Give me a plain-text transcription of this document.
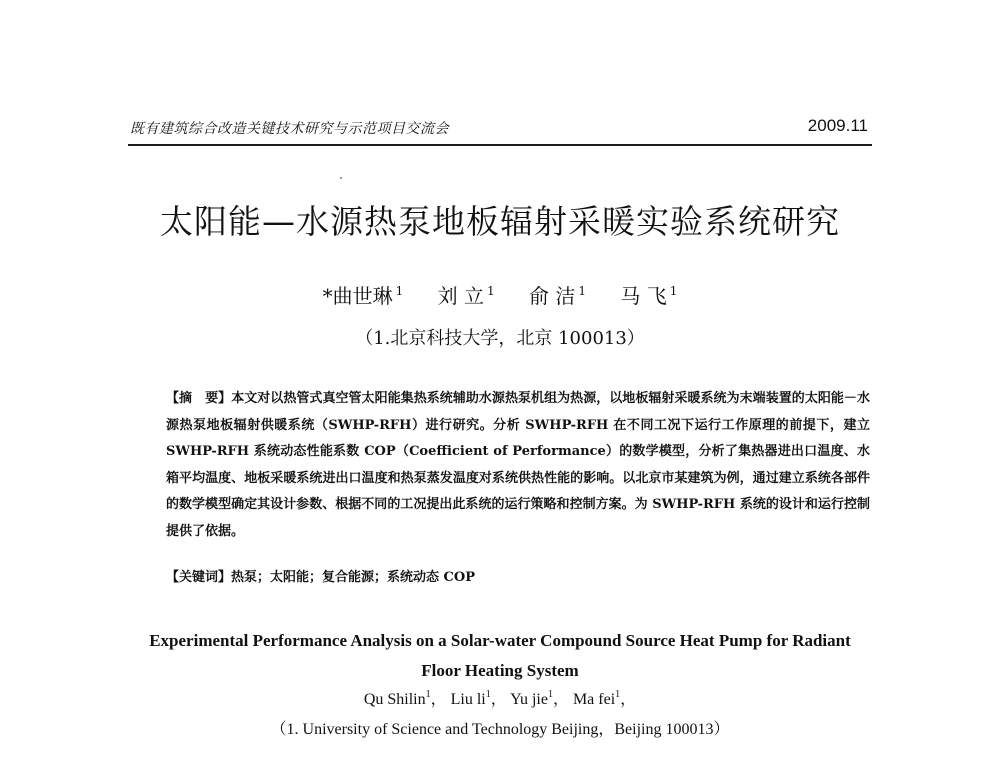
既有建筑综合改造关键技术研究与示范项目交流会	2009.11
太阳能—水源热泵地板辐射采暖实验系统研究
*曲世琳 $^1$ 刘 立 $^1$ 俞 洁 $^1$ 马 飞 $^1$
（1.北京科技大学，北京 100013）
【摘　要】本文对以热管式真空管太阳能集热系统辅助水源热泵机组为热源，以地板辐射采暖系统为末端装置的太阳能－水源热泵地板辐射供暖系统（SWHP-RFH）进行研究。分析 SWHP-RFH 在不同工况下运行工作原理的前提下，建立 SWHP-RFH 系统动态性能系数 COP（Coefficient of Performance）的数学模型，分析了集热器进出口温度、水箱平均温度、地板采暖系统进出口温度和热泵蒸发温度对系统供热性能的影响。以北京市某建筑为例，通过建立系统各部件的数学模型确定其设计参数、根据不同的工况提出此系统的运行策略和控制方案。为 SWHP-RFH 系统的设计和运行控制提供了依据。
【关键词】热泵；太阳能；复合能源；系统动态 COP
Experimental Performance Analysis on a Solar-water Compound Source Heat Pump for Radiant
Floor Heating System
Qu Shilin$^1$， Liu $li^1$， Yu jie$^1$， Ma fei$^1$，
（1. University of Science and Technology Beijing，Beijing 100013）
